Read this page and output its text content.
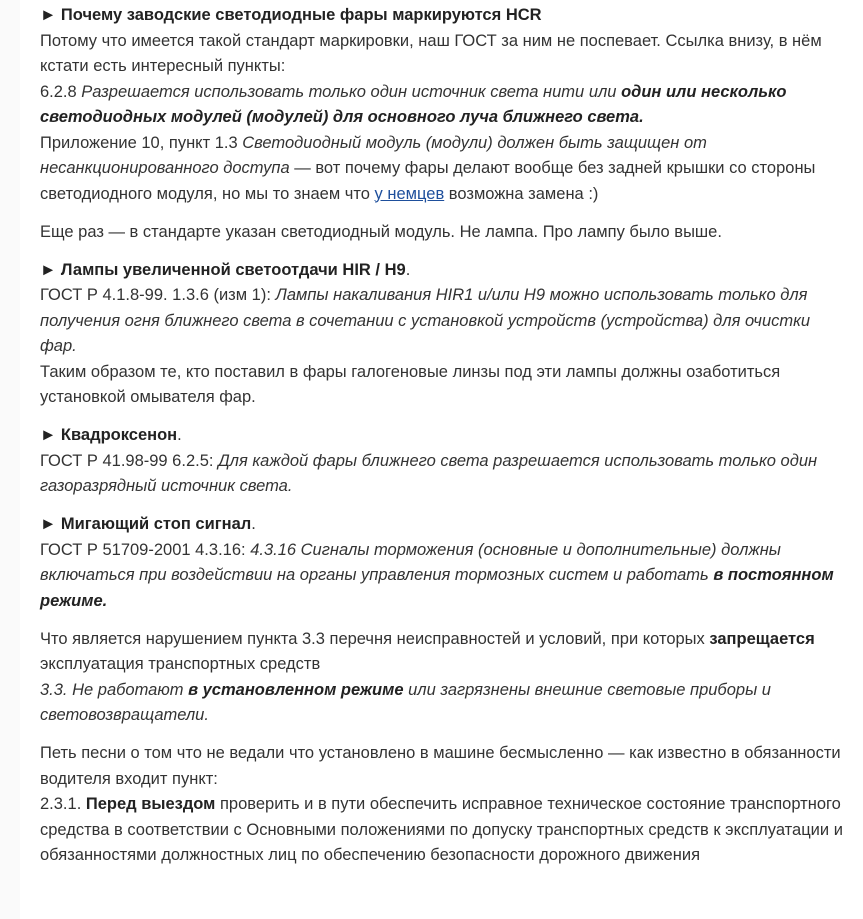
► Почему заводские светодиодные фары маркируются HCR
Потому что имеется такой стандарт маркировки, наш ГОСТ за ним не поспевает. Ссылка внизу, в нём кстати есть интересный пункты:
6.2.8 Разрешается использовать только один источник света нити или один или несколько светодиодных модулей (модулей) для основного луча ближнего света.
Приложение 10, пункт 1.3 Светодиодный модуль (модули) должен быть защищен от несанкционированного доступа — вот почему фары делают вообще без задней крышки со стороны светодиодного модуля, но мы то знаем что у немцев возможна замена :)

Еще раз — в стандарте указан светодиодный модуль. Не лампа. Про лампу было выше.

► Лампы увеличенной светоотдачи HIR / H9.
ГОСТ Р 4.1.8-99. 1.3.6 (изм 1): Лампы накаливания HIR1 и/или H9 можно использовать только для получения огня ближнего света в сочетании с установкой устройств (устройства) для очистки фар.
Таким образом те, кто поставил в фары галогеновые линзы под эти лампы должны озаботиться установкой омывателя фар.

► Квадроксенон.
ГОСТ Р 41.98-99 6.2.5: Для каждой фары ближнего света разрешается использовать только один газоразрядный источник света.

► Мигающий стоп сигнал.
ГОСТ Р 51709-2001 4.3.16: 4.3.16 Сигналы торможения (основные и дополнительные) должны включаться при воздействии на органы управления тормозных систем и работать в постоянном режиме.

Что является нарушением пункта 3.3 перечня неисправностей и условий, при которых запрещается эксплуатация транспортных средств
3.3. Не работают в установленном режиме или загрязнены внешние световые приборы и световозвращатели.

Петь песни о том что не ведали что установлено в машине бесмысленно — как известно в обязанности водителя входит пункт:
2.3.1. Перед выездом проверить и в пути обеспечить исправное техническое состояние транспортного средства в соответствии с Основными положениями по допуску транспортных средств к эксплуатации и обязанностями должностных лиц по обеспечению безопасности дорожного движения
